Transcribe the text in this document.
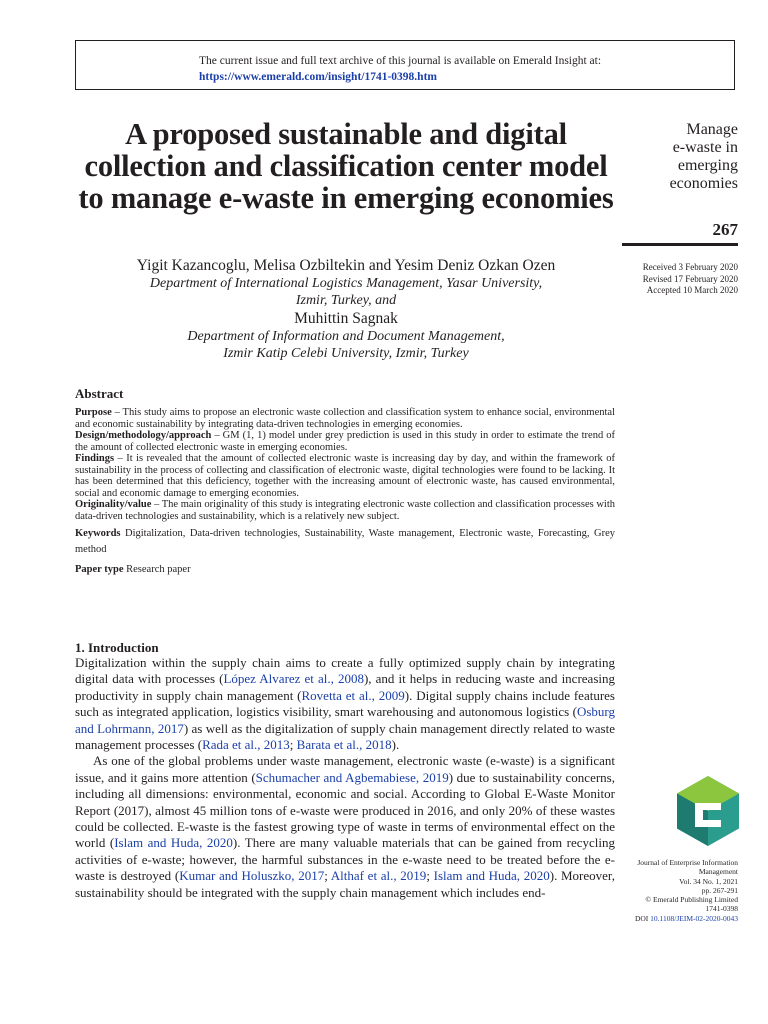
The current issue and full text archive of this journal is available on Emerald Insight at:
https://www.emerald.com/insight/1741-0398.htm
A proposed sustainable and digital collection and classification center model to manage e-waste in emerging economies
Manage
e-waste in
emerging
economies
267
Received 3 February 2020
Revised 17 February 2020
Accepted 10 March 2020
Yigit Kazancoglu, Melisa Ozbiltekin and Yesim Deniz Ozkan Ozen
Department of International Logistics Management, Yasar University,
Izmir, Turkey, and
Muhittin Sagnak
Department of Information and Document Management,
Izmir Katip Celebi University, Izmir, Turkey
Abstract

Purpose – This study aims to propose an electronic waste collection and classification system to enhance social, environmental and economic sustainability by integrating data-driven technologies in emerging economies.

Design/methodology/approach – GM (1, 1) model under grey prediction is used in this study in order to estimate the trend of the amount of collected electronic waste in emerging economies.

Findings – It is revealed that the amount of collected electronic waste is increasing day by day, and within the framework of sustainability in the process of collecting and classification of electronic waste, digital technologies were found to be lacking. It has been determined that this deficiency, together with the increasing amount of electronic waste, has caused environmental, social and economic damage to emerging economies.

Originality/value – The main originality of this study is integrating electronic waste collection and classification processes with data-driven technologies and sustainability, which is a relatively new subject.

Keywords Digitalization, Data-driven technologies, Sustainability, Waste management, Electronic waste, Forecasting, Grey method

Paper type Research paper

1. Introduction

Digitalization within the supply chain aims to create a fully optimized supply chain by integrating digital data with processes (López Alvarez et al., 2008), and it helps in reducing waste and increasing productivity in supply chain management (Rovetta et al., 2009). Digital supply chains include features such as integrated application, logistics visibility, smart warehousing and autonomous logistics (Osburg and Lohrmann, 2017) as well as the digitalization of supply chain management directly related to waste management processes (Rada et al., 2013; Barata et al., 2018).

As one of the global problems under waste management, electronic waste (e-waste) is a significant issue, and it gains more attention (Schumacher and Agbemabiese, 2019) due to sustainability concerns, including all dimensions: environmental, economic and social. According to Global E-Waste Monitor Report (2017), almost 45 million tons of e-waste were produced in 2016, and only 20% of these wastes could be collected. E-waste is the fastest growing type of waste in terms of environmental effect on the world (Islam and Huda, 2020). There are many valuable materials that can be gained from recycling activities of e-waste; however, the harmful substances in the e-waste need to be treated before the e-waste is destroyed (Kumar and Holuszko, 2017; Althaf et al., 2019; Islam and Huda, 2020). Moreover, sustainability should be integrated with the supply chain management which includes end-

Journal of Enterprise Information
Management
Vol. 34 No. 1, 2021
pp. 267-291
© Emerald Publishing Limited
1741-0398
DOI 10.1108/JEIM-02-2020-0043
